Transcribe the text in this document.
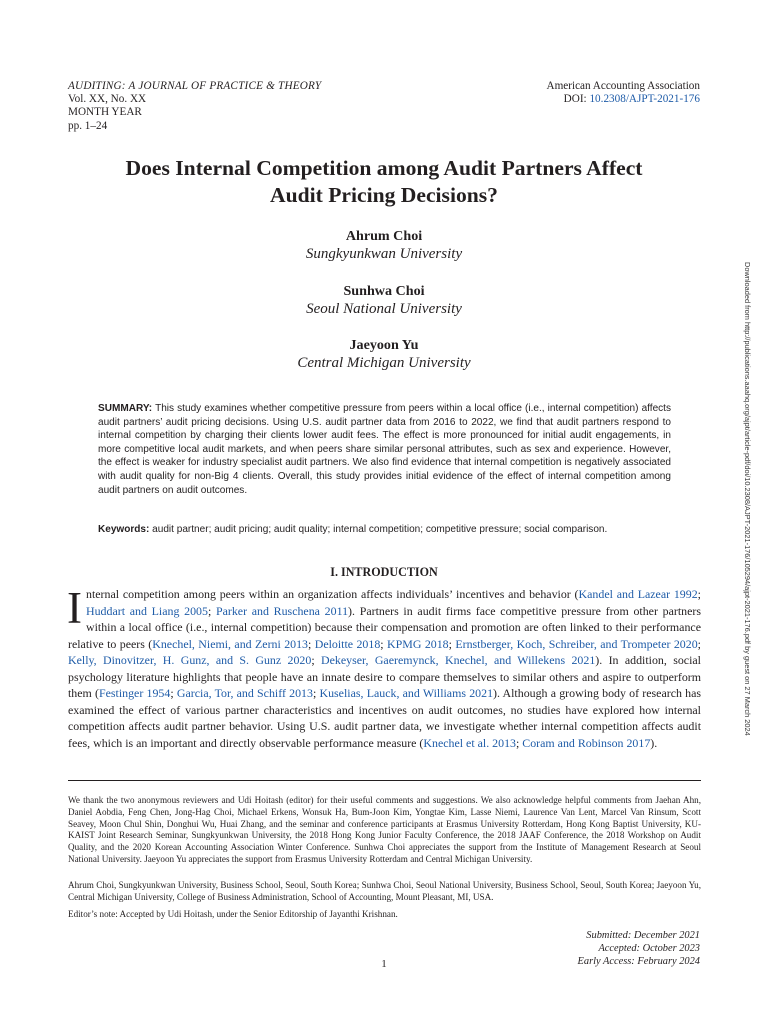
AUDITING: A JOURNAL OF PRACTICE & THEORY
Vol. XX, No. XX
MONTH YEAR
pp. 1–24
American Accounting Association
DOI: 10.2308/AJPT-2021-176
Does Internal Competition among Audit Partners Affect
Audit Pricing Decisions?
Ahrum Choi
Sungkyunkwan University
Sunhwa Choi
Seoul National University
Jaeyoon Yu
Central Michigan University	Downloaded from http://publications.aaahq.org/ajpt/article-pdf/doi/10.2308/AJPT-2021-176/105294/ajpt-2021-176.pdf by guest on 27 March 2024
SUMMARY: This study examines whether competitive pressure from peers within a local office (i.e., internal competition) affects audit partners’ audit pricing decisions. Using U.S. audit partner data from 2016 to 2022, we find that audit partners respond to internal competition by charging their clients lower audit fees. The effect is more pronounced for initial audit engagements, in more competitive local audit markets, and when peers share similar personal attributes, such as sex and experience. However, the effect is weaker for industry specialist audit partners. We also find evidence that internal competition is negatively associated with audit quality for non-Big 4 clients. Overall, this study provides initial evidence of the effect of internal competition among audit partners on audit outcomes.
Keywords: audit partner; audit pricing; audit quality; internal competition; competitive pressure; social comparison.
I. INTRODUCTION
Internal competition among peers within an organization affects individuals’ incentives and behavior (Kandel and Lazear 1992; Huddart and Liang 2005; Parker and Ruschena 2011). Partners in audit firms face competitive pressure from other partners within a local office (i.e., internal competition) because their compensation and promotion are often linked to their performance relative to peers (Knechel, Niemi, and Zerni 2013; Deloitte 2018; KPMG 2018; Ernstberger, Koch, Schreiber, and Trompeter 2020; Kelly, Dinovitzer, H. Gunz, and S. Gunz 2020; Dekeyser, Gaeremynck, Knechel, and Willekens 2021). In addition, social psychology literature highlights that people have an innate desire to compare themselves to similar others and aspire to outperform them (Festinger 1954; Garcia, Tor, and Schiff 2013; Kuselias, Lauck, and Williams 2021). Although a growing body of research has examined the effect of various partner characteristics and incentives on audit outcomes, no studies have explored how internal competition affects audit partner behavior. Using U.S. audit partner data, we investigate whether internal competition affects audit fees, which is an important and directly observable performance measure (Knechel et al. 2013; Coram and Robinson 2017).
We thank the two anonymous reviewers and Udi Hoitash (editor) for their useful comments and suggestions. We also acknowledge helpful comments from Jaehan Ahn, Daniel Aobdia, Feng Chen, Jong-Hag Choi, Michael Erkens, Wonsuk Ha, Bum-Joon Kim, Yongtae Kim, Lasse Niemi, Laurence Van Lent, Marcel Van Rinsum, Scott Seavey, Moon Chul Shin, Donghui Wu, Huai Zhang, and the seminar and conference participants at Erasmus University Rotterdam, Hong Kong Baptist University, KU-KAIST Joint Research Seminar, Sungkyunkwan University, the 2018 Hong Kong Junior Faculty Conference, the 2018 JAAF Conference, the 2018 Workshop on Audit Quality, and the 2020 Korean Accounting Association Winter Conference. Sunhwa Choi appreciates the support from the Institute of Management Research at Seoul National University. Jaeyoon Yu appreciates the support from Erasmus University Rotterdam and Central Michigan University.
Ahrum Choi, Sungkyunkwan University, Business School, Seoul, South Korea; Sunhwa Choi, Seoul National University, Business School, Seoul, South Korea; Jaeyoon Yu, Central Michigan University, College of Business Administration, School of Accounting, Mount Pleasant, MI, USA.
Editor’s note: Accepted by Udi Hoitash, under the Senior Editorship of Jayanthi Krishnan.
Submitted: December 2021
Accepted: October 2023
Early Access: February 2024
1
